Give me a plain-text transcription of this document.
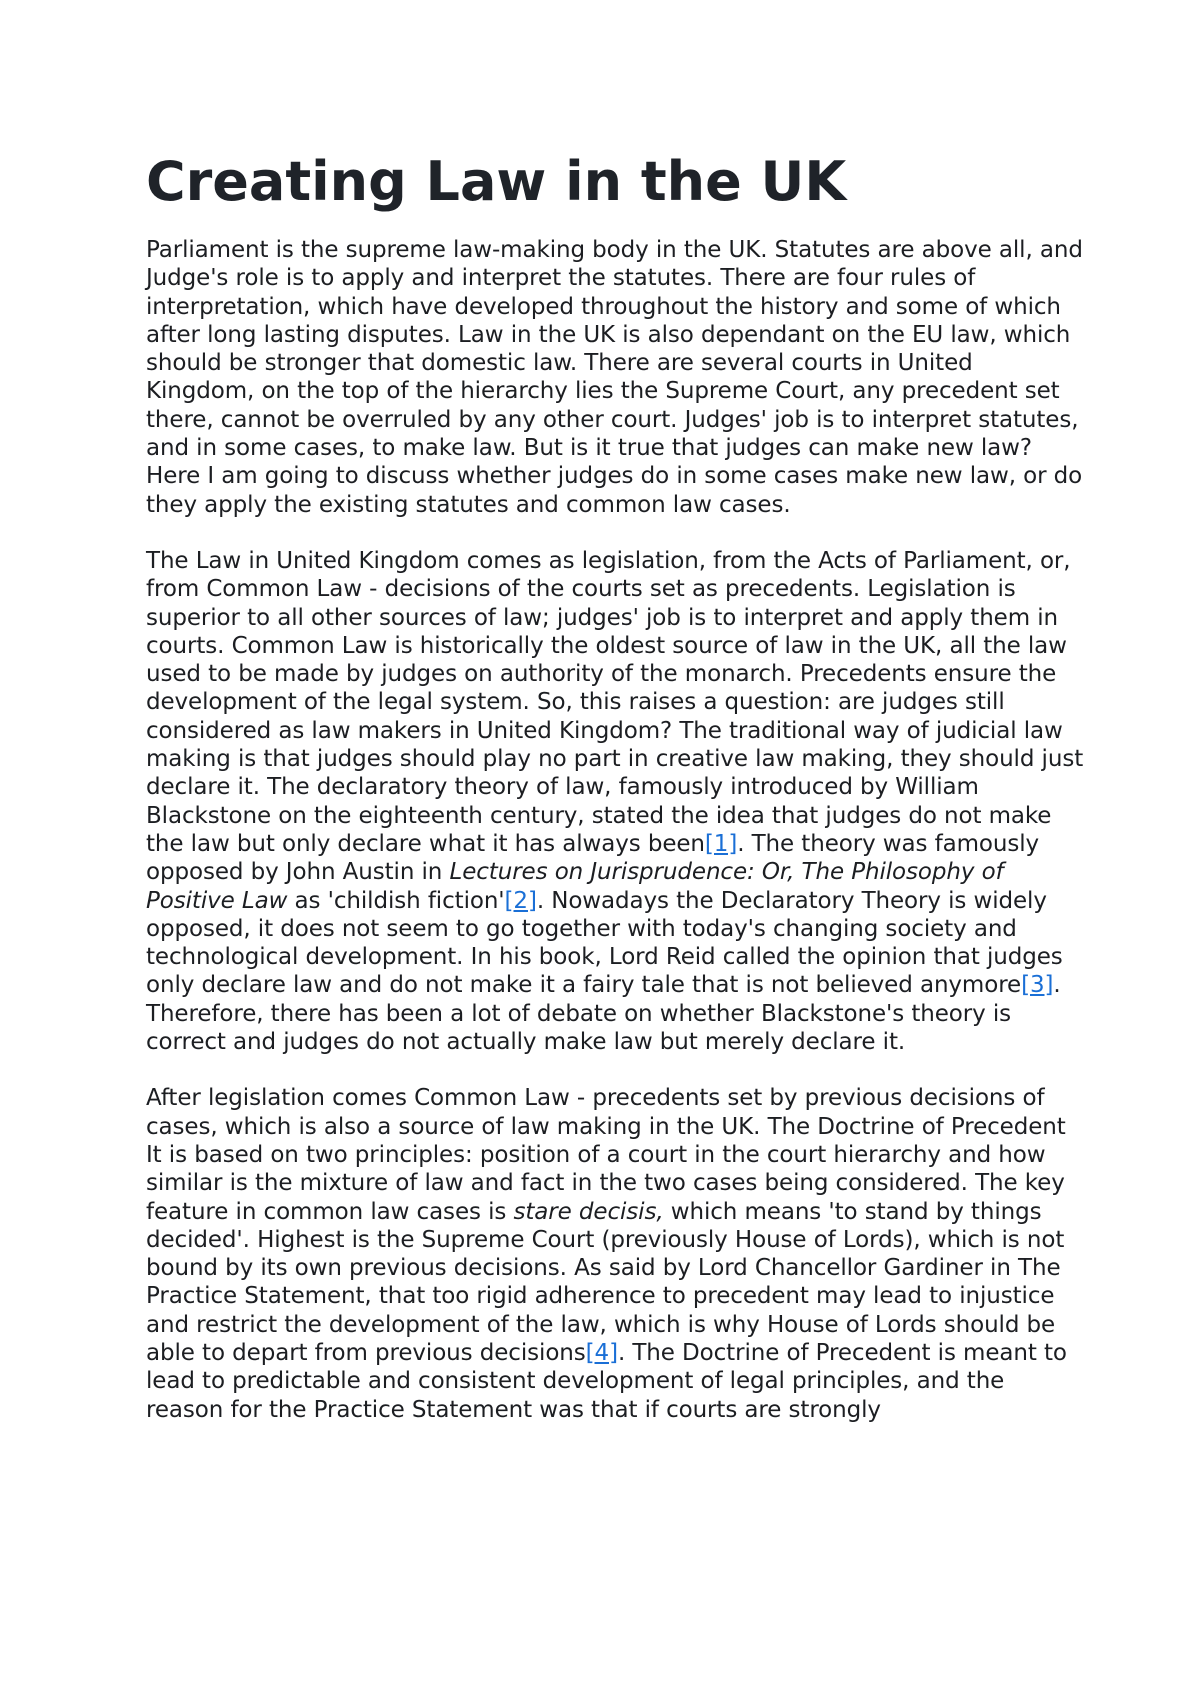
Creating Law in the UK

Parliament is the supreme law-making body in the UK. Statutes are above all, and Judge's role is to apply and interpret the statutes. There are four rules of interpretation, which have developed throughout the history and some of which after long lasting disputes. Law in the UK is also dependant on the EU law, which should be stronger that domestic law. There are several courts in United Kingdom, on the top of the hierarchy lies the Supreme Court, any precedent set there, cannot be overruled by any other court. Judges' job is to interpret statutes, and in some cases, to make law. But is it true that judges can make new law? Here I am going to discuss whether judges do in some cases make new law, or do they apply the existing statutes and common law cases.

The Law in United Kingdom comes as legislation, from the Acts of Parliament, or, from Common Law - decisions of the courts set as precedents. Legislation is superior to all other sources of law; judges' job is to interpret and apply them in courts. Common Law is historically the oldest source of law in the UK, all the law used to be made by judges on authority of the monarch. Precedents ensure the development of the legal system. So, this raises a question: are judges still considered as law makers in United Kingdom? The traditional way of judicial law making is that judges should play no part in creative law making, they should just declare it. The declaratory theory of law, famously introduced by William Blackstone on the eighteenth century, stated the idea that judges do not make the law but only declare what it has always been[1]. The theory was famously opposed by John Austin in Lectures on Jurisprudence: Or, The Philosophy of Positive Law as 'childish fiction'[2]. Nowadays the Declaratory Theory is widely opposed, it does not seem to go together with today's changing society and technological development. In his book, Lord Reid called the opinion that judges only declare law and do not make it a fairy tale that is not believed anymore[3]. Therefore, there has been a lot of debate on whether Blackstone's theory is correct and judges do not actually make law but merely declare it.

After legislation comes Common Law - precedents set by previous decisions of cases, which is also a source of law making in the UK. The Doctrine of Precedent It is based on two principles: position of a court in the court hierarchy and how similar is the mixture of law and fact in the two cases being considered. The key feature in common law cases is stare decisis, which means 'to stand by things decided'. Highest is the Supreme Court (previously House of Lords), which is not bound by its own previous decisions. As said by Lord Chancellor Gardiner in The Practice Statement, that too rigid adherence to precedent may lead to injustice and restrict the development of the law, which is why House of Lords should be able to depart from previous decisions[4]. The Doctrine of Precedent is meant to lead to predictable and consistent development of legal principles, and the reason for the Practice Statement was that if courts are strongly
